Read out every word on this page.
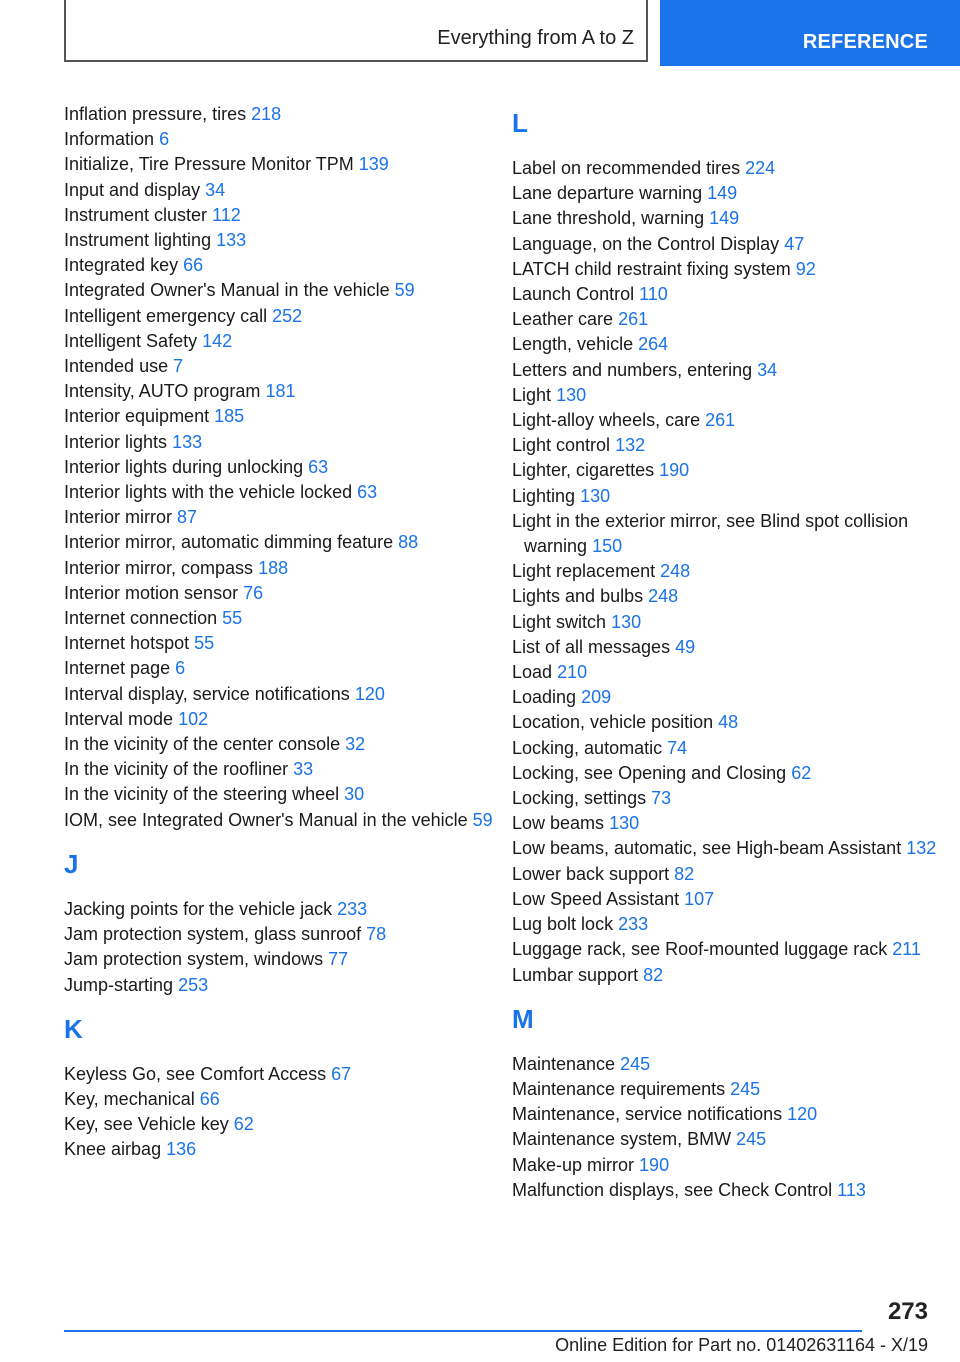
Everything from A to Z	REFERENCE
Inflation pressure, tires 218
Information 6
Initialize, Tire Pressure Monitor TPM 139
Input and display 34
Instrument cluster 112
Instrument lighting 133
Integrated key 66
Integrated Owner's Manual in the vehicle 59
Intelligent emergency call 252
Intelligent Safety 142
Intended use 7
Intensity, AUTO program 181
Interior equipment 185
Interior lights 133
Interior lights during unlocking 63
Interior lights with the vehicle locked 63
Interior mirror 87
Interior mirror, automatic dimming feature 88
Interior mirror, compass 188
Interior motion sensor 76
Internet connection 55
Internet hotspot 55
Internet page 6
Interval display, service notifications 120
Interval mode 102
In the vicinity of the center console 32
In the vicinity of the roofliner 33
In the vicinity of the steering wheel 30
IOM, see Integrated Owner's Manual in the vehicle 59
J
Jacking points for the vehicle jack 233
Jam protection system, glass sunroof 78
Jam protection system, windows 77
Jump-starting 253
K
Keyless Go, see Comfort Access 67
Key, mechanical 66
Key, see Vehicle key 62
Knee airbag 136
L
Label on recommended tires 224
Lane departure warning 149
Lane threshold, warning 149
Language, on the Control Display 47
LATCH child restraint fixing system 92
Launch Control 110
Leather care 261
Length, vehicle 264
Letters and numbers, entering 34
Light 130
Light-alloy wheels, care 261
Light control 132
Lighter, cigarettes 190
Lighting 130
Light in the exterior mirror, see Blind spot collision warning 150
Light replacement 248
Lights and bulbs 248
Light switch 130
List of all messages 49
Load 210
Loading 209
Location, vehicle position 48
Locking, automatic 74
Locking, see Opening and Closing 62
Locking, settings 73
Low beams 130
Low beams, automatic, see High-beam Assistant 132
Lower back support 82
Low Speed Assistant 107
Lug bolt lock 233
Luggage rack, see Roof-mounted luggage rack 211
Lumbar support 82
M
Maintenance 245
Maintenance requirements 245
Maintenance, service notifications 120
Maintenance system, BMW 245
Make-up mirror 190
Malfunction displays, see Check Control 113
273
Online Edition for Part no. 01402631164 - X/19
